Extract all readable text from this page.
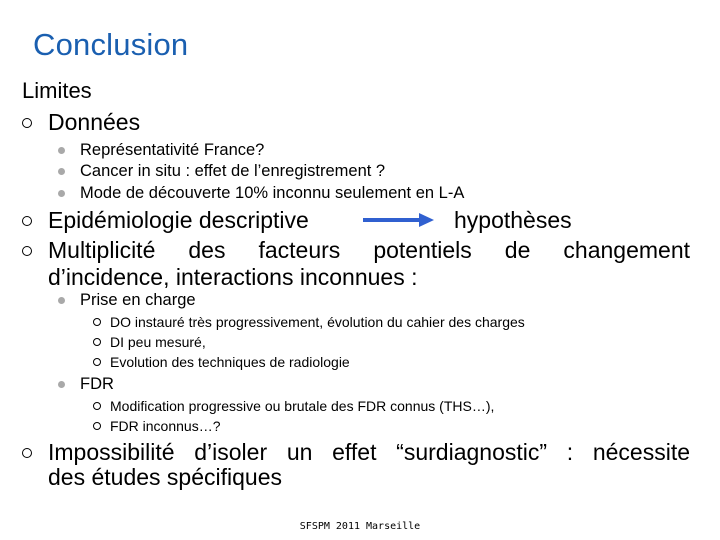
Conclusion
Limites
Données
Représentativité France?
Cancer in situ : effet de l’enregistrement ?
Mode de découverte 10% inconnu seulement en L-A
Epidémiologie descriptive	hypothèses
Multiplicité des facteurs potentiels de changement
d’incidence, interactions inconnues :
Prise en charge
DO instauré très progressivement, évolution du cahier des charges
DI peu mesuré,
Evolution des techniques de radiologie
FDR
Modification progressive ou brutale des FDR connus (THS…),
FDR inconnus…?
Impossibilité d’isoler un effet “surdiagnostic” : nécessite
des études spécifiques
SFSPM 2011 Marseille
